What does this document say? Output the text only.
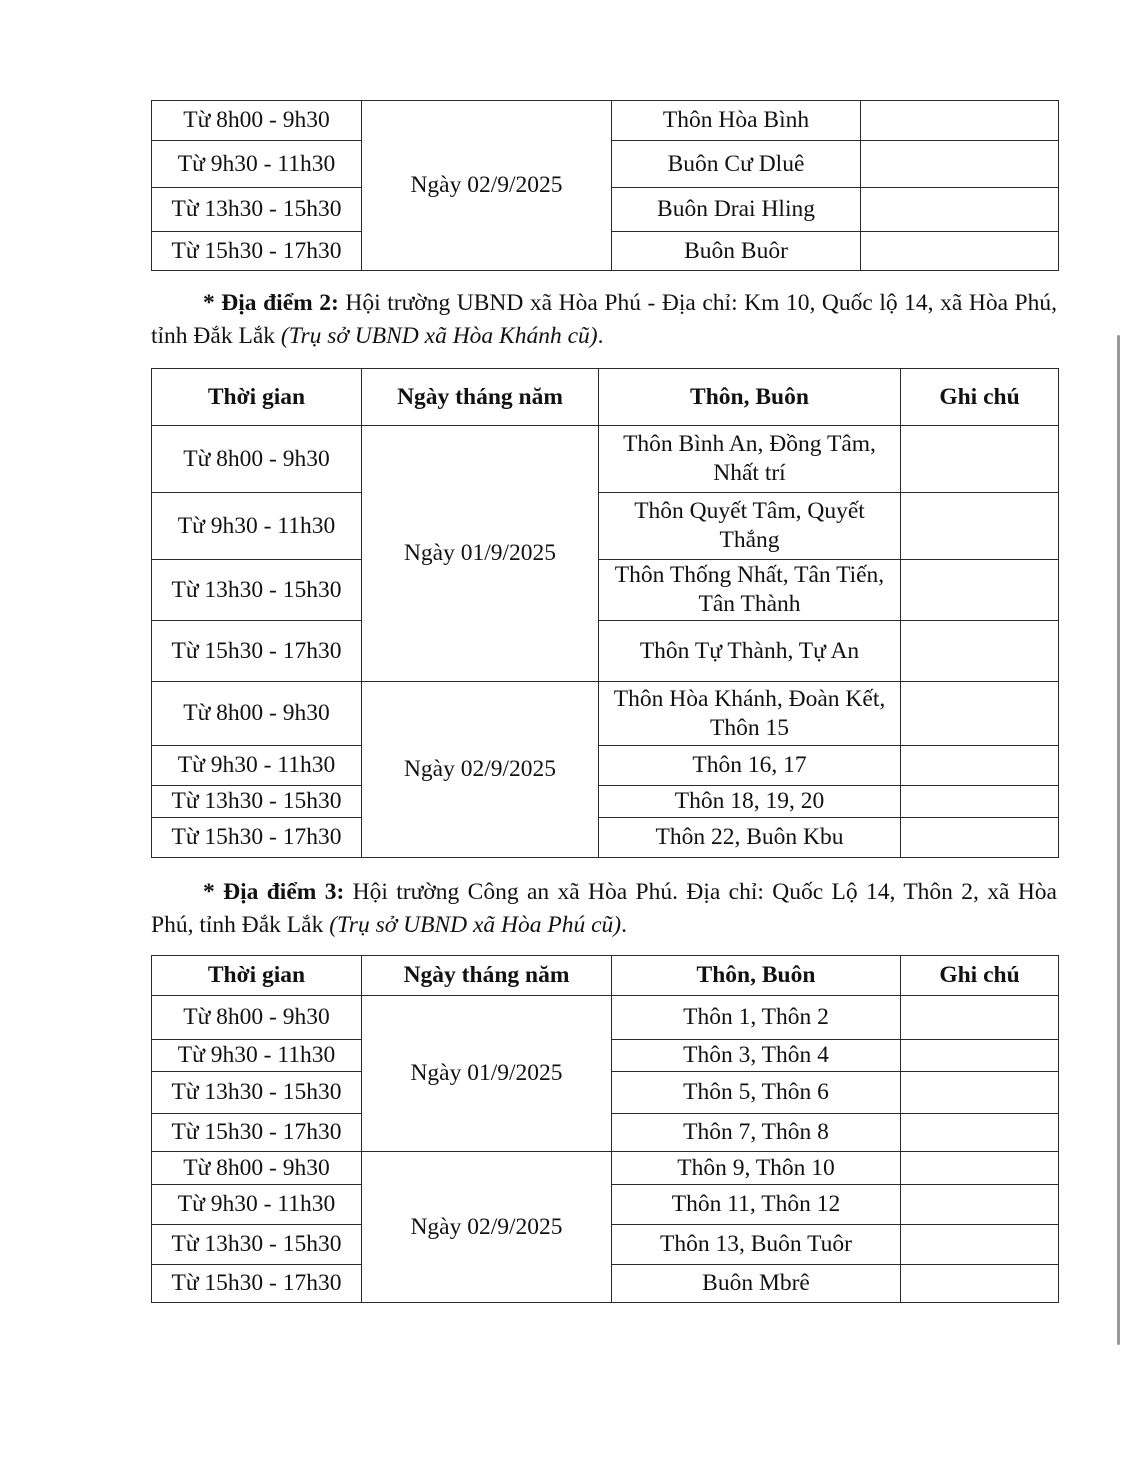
Từ 8h00 - 9h30	Ngày 02/9/2025	Thôn Hòa Bình	
Từ 9h30 - 11h30		Buôn Cư Dluê	
Từ 13h30 - 15h30		Buôn Drai Hling	
Từ 15h30 - 17h30		Buôn Buôr	

* Địa điểm 2: Hội trường UBND xã Hòa Phú - Địa chỉ: Km 10, Quốc lộ 14, xã Hòa Phú, tỉnh Đắk Lắk (Trụ sở UBND xã Hòa Khánh cũ).

Thời gian	Ngày tháng năm	Thôn, Buôn	Ghi chú
Từ 8h00 - 9h30	Ngày 01/9/2025	Thôn Bình An, Đồng Tâm, Nhất trí	
Từ 9h30 - 11h30		Thôn Quyết Tâm, Quyết Thắng	
Từ 13h30 - 15h30		Thôn Thống Nhất, Tân Tiến, Tân Thành	
Từ 15h30 - 17h30		Thôn Tự Thành, Tự An	
Từ 8h00 - 9h30	Ngày 02/9/2025	Thôn Hòa Khánh, Đoàn Kết, Thôn 15	
Từ 9h30 - 11h30		Thôn 16, 17	
Từ 13h30 - 15h30		Thôn 18, 19, 20	
Từ 15h30 - 17h30		Thôn 22, Buôn Kbu	

* Địa điểm 3: Hội trường Công an xã Hòa Phú. Địa chỉ: Quốc Lộ 14, Thôn 2, xã Hòa Phú, tỉnh Đắk Lắk (Trụ sở UBND xã Hòa Phú cũ).

Thời gian	Ngày tháng năm	Thôn, Buôn	Ghi chú
Từ 8h00 - 9h30	Ngày 01/9/2025	Thôn 1, Thôn 2	
Từ 9h30 - 11h30		Thôn 3, Thôn 4	
Từ 13h30 - 15h30		Thôn 5, Thôn 6	
Từ 15h30 - 17h30		Thôn 7, Thôn 8	
Từ 8h00 - 9h30	Ngày 02/9/2025	Thôn 9, Thôn 10	
Từ 9h30 - 11h30		Thôn 11, Thôn 12	
Từ 13h30 - 15h30		Thôn 13, Buôn Tuôr	
Từ 15h30 - 17h30		Buôn Mbrê	
